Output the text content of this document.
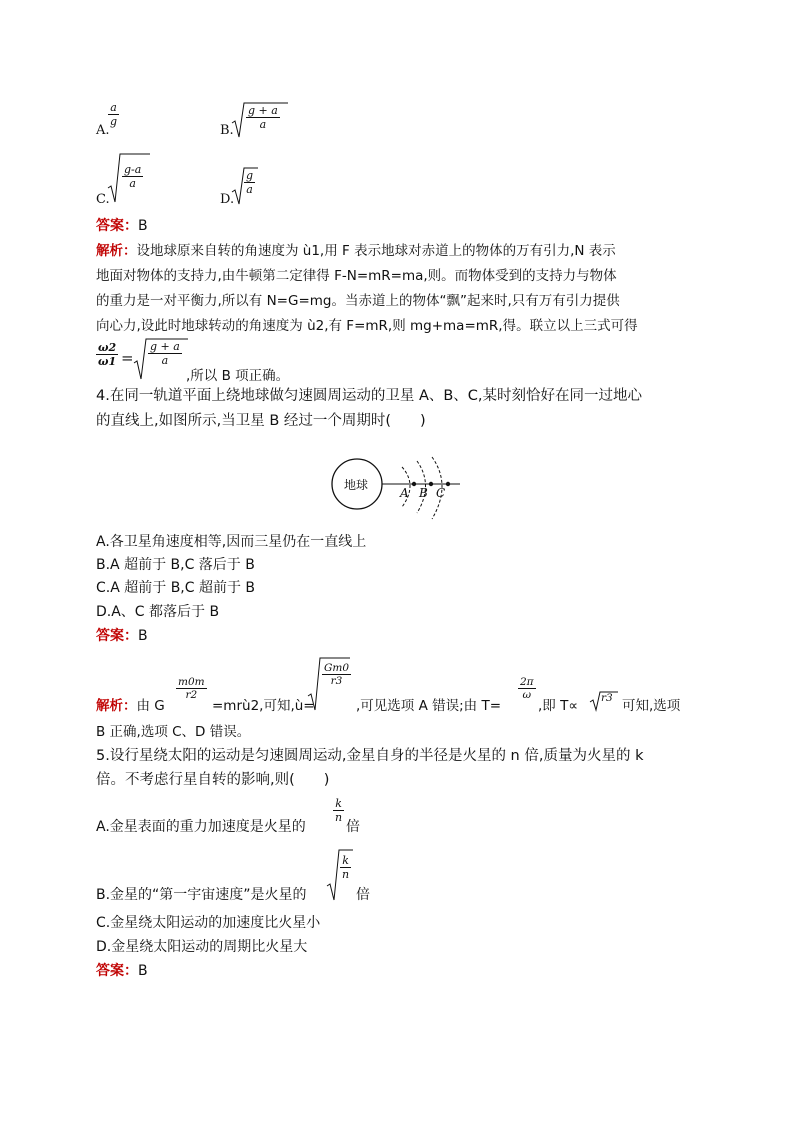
A.
$\frac{a}{g}$
B. $\frac{g + a}{a}$
C.
$\frac{g-a}{a}$
D.
$\frac{g}{a}$
答案：B
解析：设地球原来自转的角速度为 ù1,用 F 表示地球对赤道上的物体的万有引力,N 表示
地面对物体的支持力,由牛顿第二定律得 F-N=mR=ma,则。而物体受到的支持力与物体
的重力是一对平衡力,所以有 N=G=mg。当赤道上的物体“飘”起来时,只有万有引力提供
向心力,设此时地球转动的角速度为 ù2,有 F=mR,则 mg+ma=mR,得。联立以上三式可得
$\frac{\omega 2}{\omega 1} = \frac{g + a}{a}$
,所以 B 项正确。
4.在同一轨道平面上绕地球做匀速圆周运动的卫星 A、B、C,某时刻恰好在同一过地心
的直线上,如图所示,当卫星 B 经过一个周期时(　　)
地球
A B C
A.各卫星角速度相等,因而三星仍在一直线上
B.A 超前于 B,C 落后于 B
C.A 超前于 B,C 超前于 B
D.A、C 都落后于 B
答案：B
解析：由 G
$\frac{m0m}{r2}$
=mrù2,可知,ù=
$\frac{Gm0}{r3}$
,可见选项 A 错误;由 T=
$\frac{2\pi}{\omega}$
,即 T∝ r3 可知,选项
B 正确,选项 C、D 错误。
5.设行星绕太阳的运动是匀速圆周运动,金星自身的半径是火星的 n 倍,质量为火星的 k
倍。不考虑行星自转的影响,则(　　)
A.金星表面的重力加速度是火星的
$\frac{k}{n}$
倍
B.金星的“第一宇宙速度”是火星的
$\frac{k}{n}$
倍
C.金星绕太阳运动的加速度比火星小
D.金星绕太阳运动的周期比火星大
答案：B
